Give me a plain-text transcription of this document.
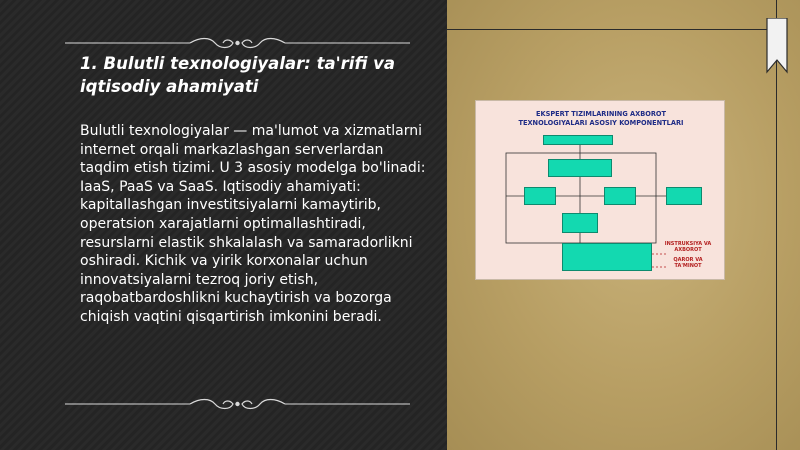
1. Bulutli texnologiyalar: ta'rifi va iqtisodiy ahamiyati

Bulutli texnologiyalar — ma'lumot va xizmatlarni internet orqali markazlashgan serverlardan taqdim etish tizimi. U 3 asosiy modelga bo'linadi: IaaS, PaaS va SaaS. Iqtisodiy ahamiyati: kapitallashgan investitsiyalarni kamaytirib, operatsion xarajatlarni optimallashtiradi, resurslarni elastik shkalalash va samaradorlikni oshiradi. Kichik va yirik korxonalar uchun innovatsiyalarni tezroq joriy etish, raqobatbardoshlikni kuchaytirish va bozorga chiqish vaqtini qisqartirish imkonini beradi.

EKSPERT TIZIMLARINING AXBOROT
TEXNOLOGIYALARI ASOSIY KOMPONENTLARI
INSTRUKSIYA VA AXBOROT
QAROR VA TA'MINOT
